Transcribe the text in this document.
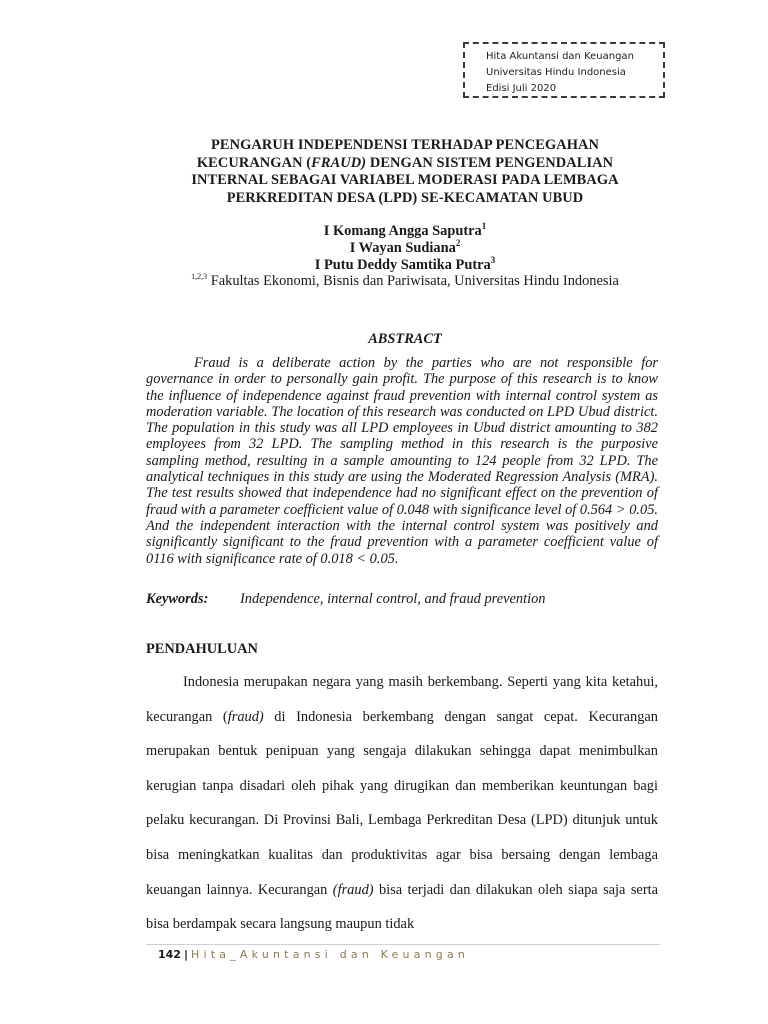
Hita Akuntansi dan Keuangan
Universitas Hindu Indonesia
Edisi Juli 2020
PENGARUH INDEPENDENSI TERHADAP PENCEGAHAN
KECURANGAN (FRAUD) DENGAN SISTEM PENGENDALIAN
INTERNAL SEBAGAI VARIABEL MODERASI PADA LEMBAGA
PERKREDITAN DESA (LPD) SE-KECAMATAN UBUD
I Komang Angga Saputra$^1$
I Wayan Sudiana$^2$
I Putu Deddy Samtika Putra$^3$
$^{1,2,3}$ Fakultas Ekonomi, Bisnis dan Pariwisata, Universitas Hindu Indonesia
ABSTRACT

Fraud is a deliberate action by the parties who are not responsible for governance in order to personally gain profit. The purpose of this research is to know the influence of independence against fraud prevention with internal control system as moderation variable. The location of this research was conducted on LPD Ubud district. The population in this study was all LPD employees in Ubud district amounting to 382 employees from 32 LPD. The sampling method in this research is the purposive sampling method, resulting in a sample amounting to 124 people from 32 LPD. The analytical techniques in this study are using the Moderated Regression Analysis (MRA). The test results showed that independence had no significant effect on the prevention of fraud with a parameter coefficient value of 0.048 with significance level of 0.564 > 0.05. And the independent interaction with the internal control system was positively and significantly significant to the fraud prevention with a parameter coefficient value of 0116 with significance rate of 0.018 < 0.05.

Keywords: Independence, internal control, and fraud prevention
PENDAHULUAN

Indonesia merupakan negara yang masih berkembang. Seperti yang kita ketahui, kecurangan (fraud) di Indonesia berkembang dengan sangat cepat. Kecurangan merupakan bentuk penipuan yang sengaja dilakukan sehingga dapat menimbulkan kerugian tanpa disadari oleh pihak yang dirugikan dan memberikan keuntungan bagi pelaku kecurangan. Di Provinsi Bali, Lembaga Perkreditan Desa (LPD) ditunjuk untuk bisa meningkatkan kualitas dan produktivitas agar bisa bersaing dengan lembaga keuangan lainnya. Kecurangan (fraud) bisa terjadi dan dilakukan oleh siapa saja serta bisa berdampak secara langsung maupun tidak

142 | Hita_Akuntansi dan Keuangan
